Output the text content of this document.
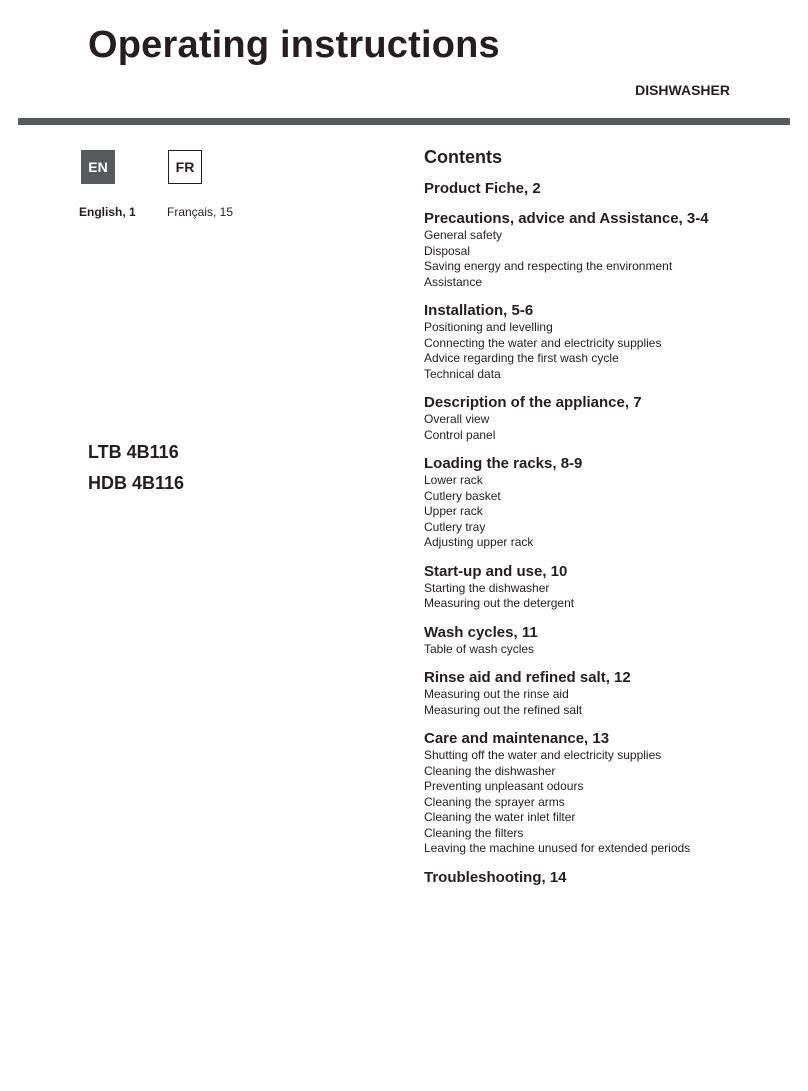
Operating instructions
DISHWASHER
EN	FR
English, 1	Français, 15
LTB 4B116
HDB 4B116
Contents
Product Fiche, 2
Precautions, advice and Assistance, 3-4
General safety
Disposal
Saving energy and respecting the environment
Assistance
Installation, 5-6
Positioning and levelling
Connecting the water and electricity supplies
Advice regarding the first wash cycle
Technical data
Description of the appliance, 7
Overall view
Control panel
Loading the racks, 8-9
Lower rack
Cutlery basket
Upper rack
Cutlery tray
Adjusting upper rack
Start-up and use, 10
Starting the dishwasher
Measuring out the detergent
Wash cycles, 11
Table of wash cycles
Rinse aid and refined salt, 12
Measuring out the rinse aid
Measuring out the refined salt
Care and maintenance, 13
Shutting off the water and electricity supplies
Cleaning the dishwasher
Preventing unpleasant odours
Cleaning the sprayer arms
Cleaning the water inlet filter
Cleaning the filters
Leaving the machine unused for extended periods
Troubleshooting, 14
